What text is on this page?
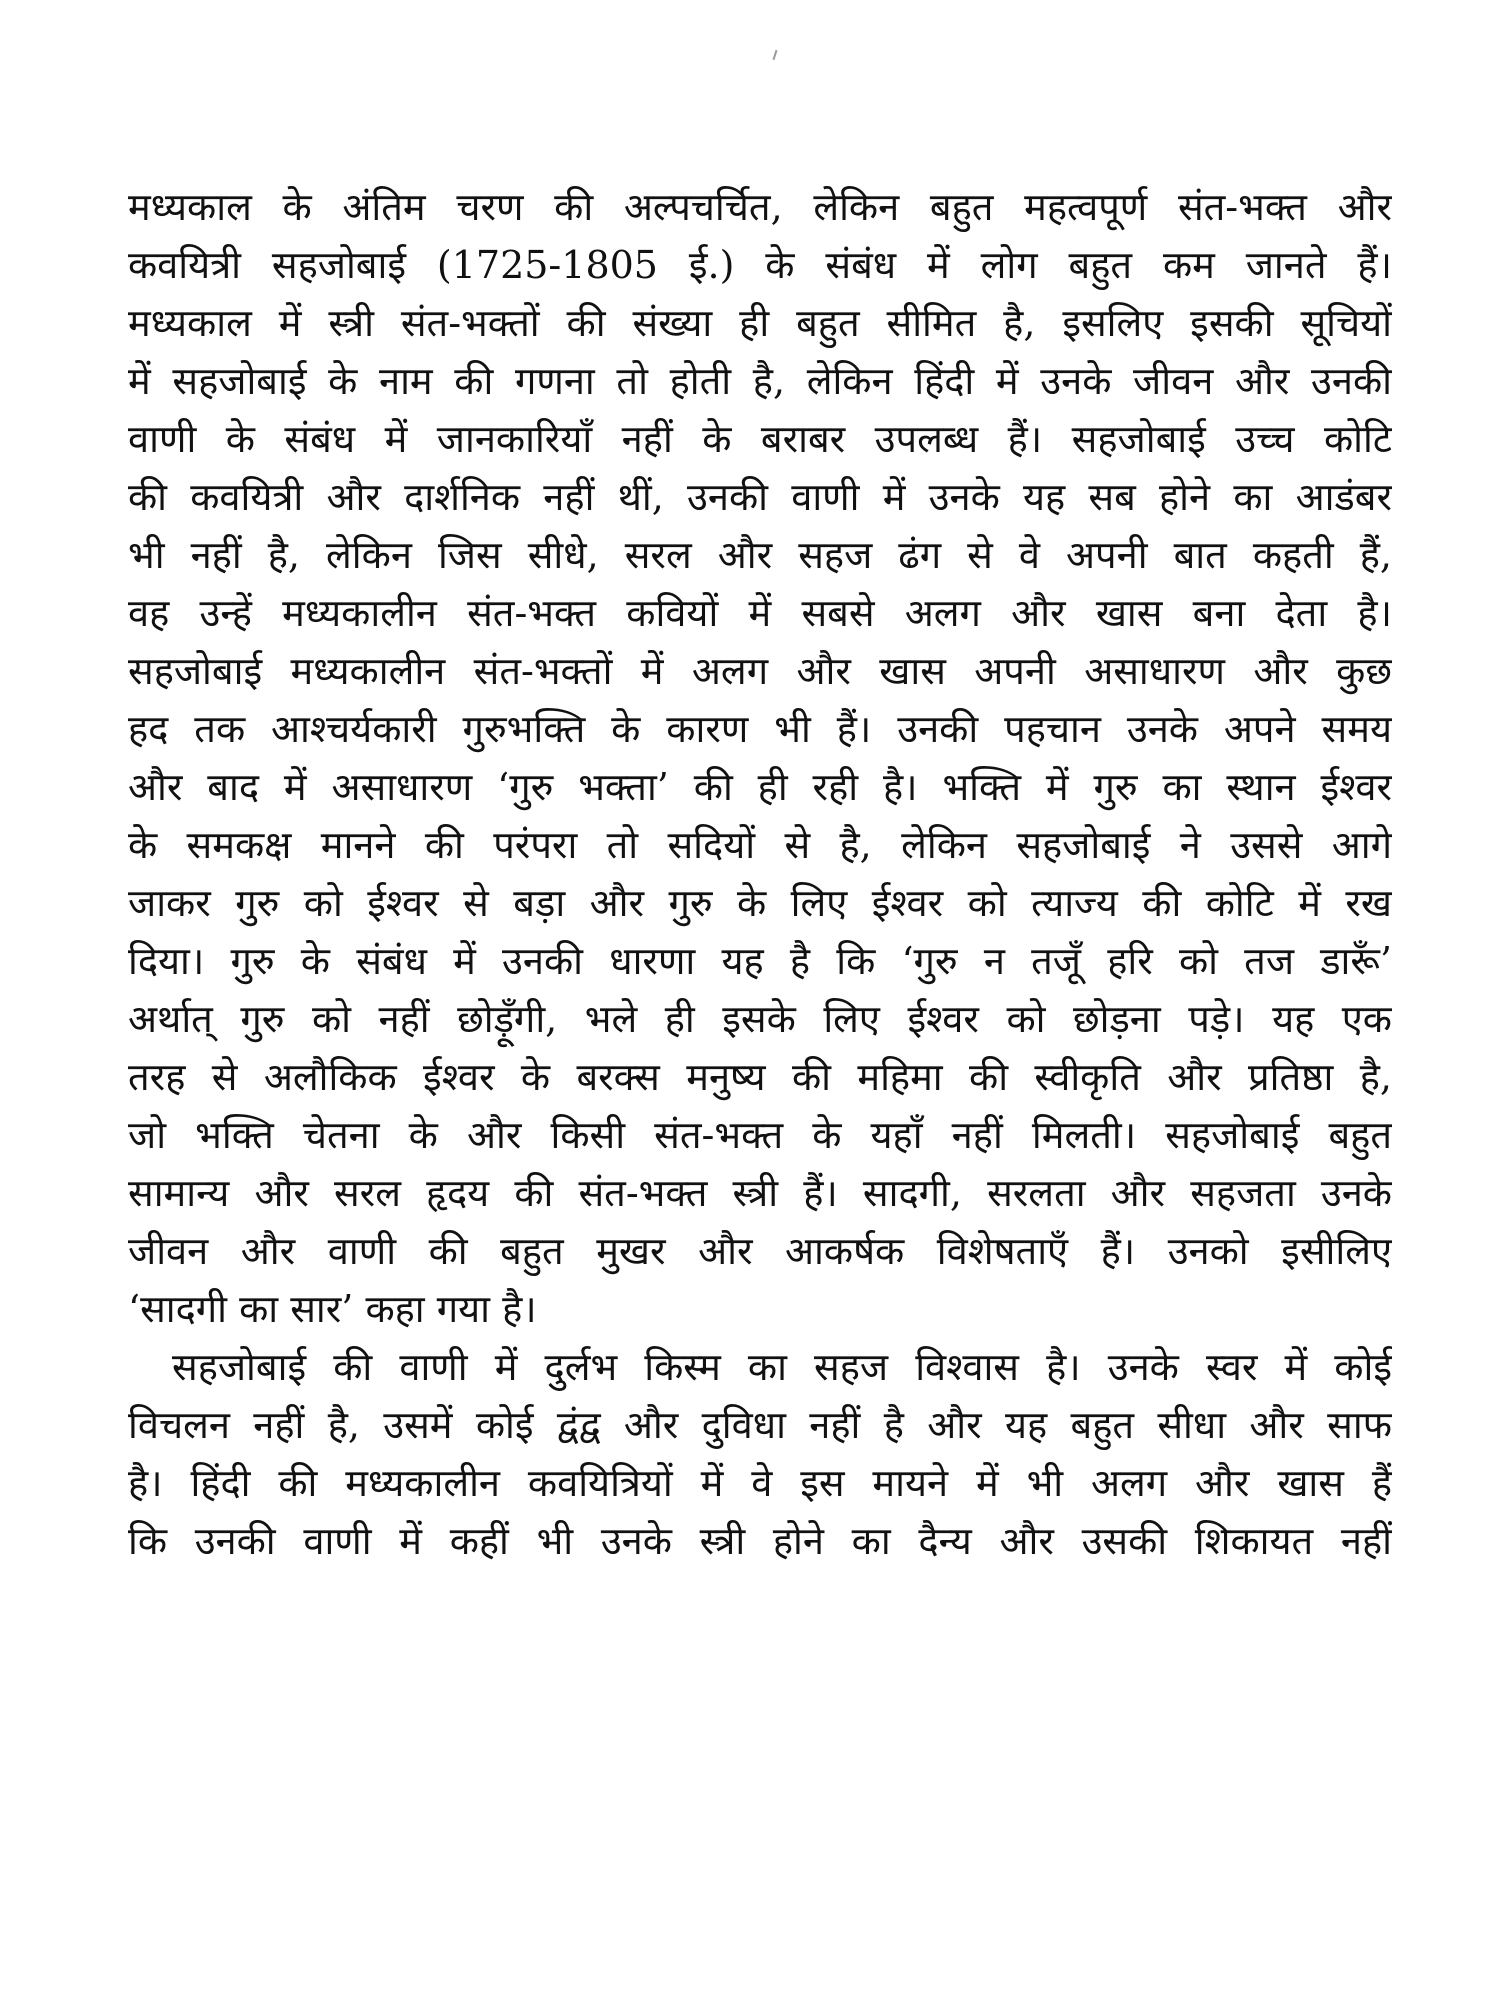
मध्यकाल के अंतिम चरण की अल्पचर्चित, लेकिन बहुत महत्वपूर्ण संत-भक्त और
कवयित्री सहजोबाई (1725-1805 ई.) के संबंध में लोग बहुत कम जानते हैं।
मध्यकाल में स्त्री संत-भक्तों की संख्या ही बहुत सीमित है, इसलिए इसकी सूचियों
में सहजोबाई के नाम की गणना तो होती है, लेकिन हिंदी में उनके जीवन और उनकी
वाणी के संबंध में जानकारियाँ नहीं के बराबर उपलब्ध हैं। सहजोबाई उच्च कोटि
की कवयित्री और दार्शनिक नहीं थीं, उनकी वाणी में उनके यह सब होने का आडंबर
भी नहीं है, लेकिन जिस सीधे, सरल और सहज ढंग से वे अपनी बात कहती हैं,
वह उन्हें मध्यकालीन संत-भक्त कवियों में सबसे अलग और खास बना देता है।
सहजोबाई मध्यकालीन संत-भक्तों में अलग और खास अपनी असाधारण और कुछ
हद तक आश्चर्यकारी गुरुभक्ति के कारण भी हैं। उनकी पहचान उनके अपने समय
और बाद में असाधारण ‘गुरु भक्ता’ की ही रही है। भक्ति में गुरु का स्थान ईश्वर
के समकक्ष मानने की परंपरा तो सदियों से है, लेकिन सहजोबाई ने उससे आगे
जाकर गुरु को ईश्वर से बड़ा और गुरु के लिए ईश्वर को त्याज्य की कोटि में रख
दिया। गुरु के संबंध में उनकी धारणा यह है कि ‘गुरु न तजूँ हरि को तज डारूँ’
अर्थात् गुरु को नहीं छोड़ूँगी, भले ही इसके लिए ईश्वर को छोड़ना पड़े। यह एक
तरह से अलौकिक ईश्वर के बरक्स मनुष्य की महिमा की स्वीकृति और प्रतिष्ठा है,
जो भक्ति चेतना के और किसी संत-भक्त के यहाँ नहीं मिलती। सहजोबाई बहुत
सामान्य और सरल हृदय की संत-भक्त स्त्री हैं। सादगी, सरलता और सहजता उनके
जीवन और वाणी की बहुत मुखर और आकर्षक विशेषताएँ हैं। उनको इसीलिए
‘सादगी का सार’ कहा गया है।
सहजोबाई की वाणी में दुर्लभ किस्म का सहज विश्वास है। उनके स्वर में कोई
विचलन नहीं है, उसमें कोई द्वंद्व और दुविधा नहीं है और यह बहुत सीधा और साफ
है। हिंदी की मध्यकालीन कवयित्रियों में वे इस मायने में भी अलग और खास हैं
कि उनकी वाणी में कहीं भी उनके स्त्री होने का दैन्य और उसकी शिकायत नहीं
